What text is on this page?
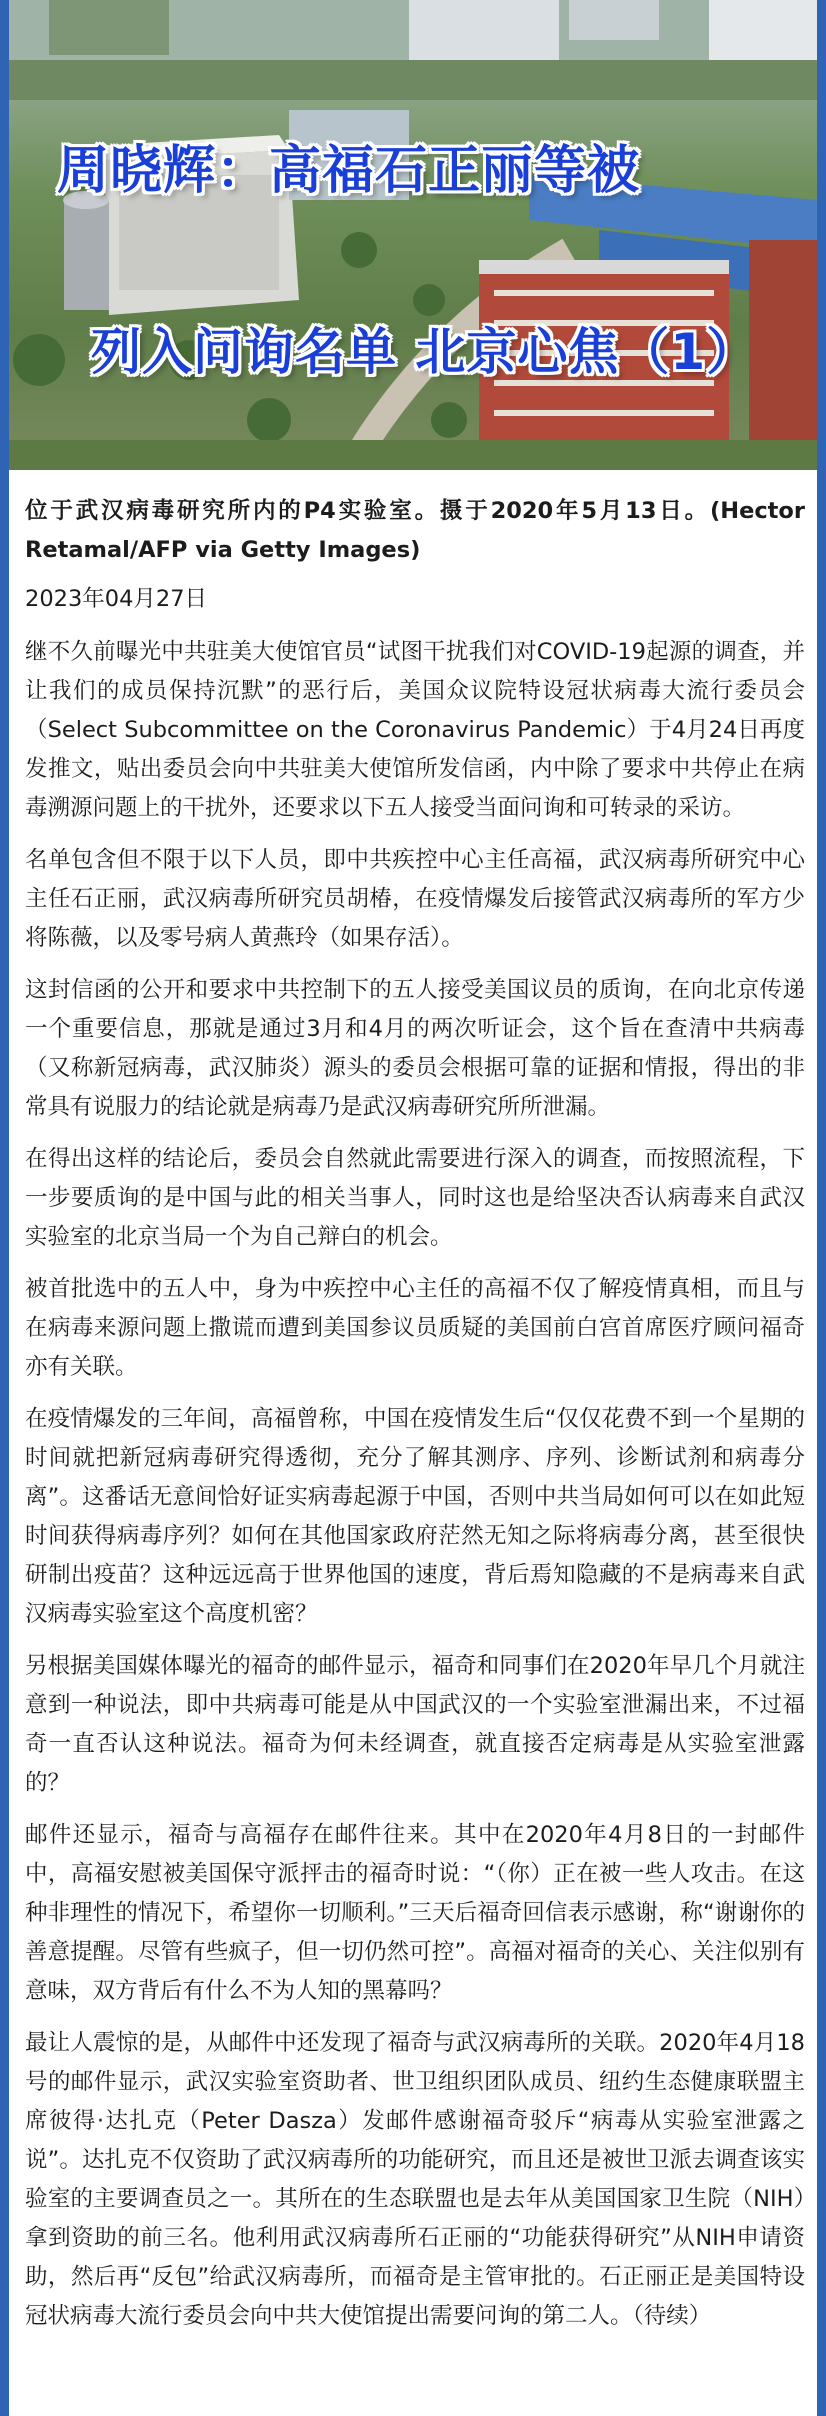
周晓辉：高福石正丽等被
列入问询名单 北京心焦（1）

位于武汉病毒研究所内的P4实验室。摄于2020年5月13日。(Hector Retamal/AFP via Getty Images)

2023年04月27日

继不久前曝光中共驻美大使馆官员“试图干扰我们对COVID-19起源的调查，并让我们的成员保持沉默”的恶行后，美国众议院特设冠状病毒大流行委员会（Select Subcommittee on the Coronavirus Pandemic）于4月24日再度发推文，贴出委员会向中共驻美大使馆所发信函，内中除了要求中共停止在病毒溯源问题上的干扰外，还要求以下五人接受当面问询和可转录的采访。

名单包含但不限于以下人员，即中共疾控中心主任高福，武汉病毒所研究中心主任石正丽，武汉病毒所研究员胡椿，在疫情爆发后接管武汉病毒所的军方少将陈薇，以及零号病人黄燕玲（如果存活）。

这封信函的公开和要求中共控制下的五人接受美国议员的质询，在向北京传递一个重要信息，那就是通过3月和4月的两次听证会，这个旨在查清中共病毒（又称新冠病毒，武汉肺炎）源头的委员会根据可靠的证据和情报，得出的非常具有说服力的结论就是病毒乃是武汉病毒研究所所泄漏。

在得出这样的结论后，委员会自然就此需要进行深入的调查，而按照流程，下一步要质询的是中国与此的相关当事人，同时这也是给坚决否认病毒来自武汉实验室的北京当局一个为自己辩白的机会。

被首批选中的五人中，身为中疾控中心主任的高福不仅了解疫情真相，而且与在病毒来源问题上撒谎而遭到美国参议员质疑的美国前白宫首席医疗顾问福奇亦有关联。

在疫情爆发的三年间，高福曾称，中国在疫情发生后“仅仅花费不到一个星期的时间就把新冠病毒研究得透彻，充分了解其测序、序列、诊断试剂和病毒分离”。这番话无意间恰好证实病毒起源于中国，否则中共当局如何可以在如此短时间获得病毒序列？如何在其他国家政府茫然无知之际将病毒分离，甚至很快研制出疫苗？这种远远高于世界他国的速度，背后焉知隐藏的不是病毒来自武汉病毒实验室这个高度机密？

另根据美国媒体曝光的福奇的邮件显示，福奇和同事们在2020年早几个月就注意到一种说法，即中共病毒可能是从中国武汉的一个实验室泄漏出来，不过福奇一直否认这种说法。福奇为何未经调查，就直接否定病毒是从实验室泄露的？

邮件还显示，福奇与高福存在邮件往来。其中在2020年4月8日的一封邮件中，高福安慰被美国保守派抨击的福奇时说：“（你）正在被一些人攻击。在这种非理性的情况下，希望你一切顺利。”三天后福奇回信表示感谢，称“谢谢你的善意提醒。尽管有些疯子，但一切仍然可控”。高福对福奇的关心、关注似别有意味，双方背后有什么不为人知的黑幕吗？

最让人震惊的是，从邮件中还发现了福奇与武汉病毒所的关联。2020年4月18号的邮件显示，武汉实验室资助者、世卫组织团队成员、纽约生态健康联盟主席彼得·达扎克（Peter Dasza）发邮件感谢福奇驳斥“病毒从实验室泄露之说”。达扎克不仅资助了武汉病毒所的功能研究，而且还是被世卫派去调查该实验室的主要调查员之一。其所在的生态联盟也是去年从美国国家卫生院（NIH）拿到资助的前三名。他利用武汉病毒所石正丽的“功能获得研究”从NIH申请资助，然后再“反包”给武汉病毒所，而福奇是主管审批的。石正丽正是美国特设冠状病毒大流行委员会向中共大使馆提出需要问询的第二人。（待续）
